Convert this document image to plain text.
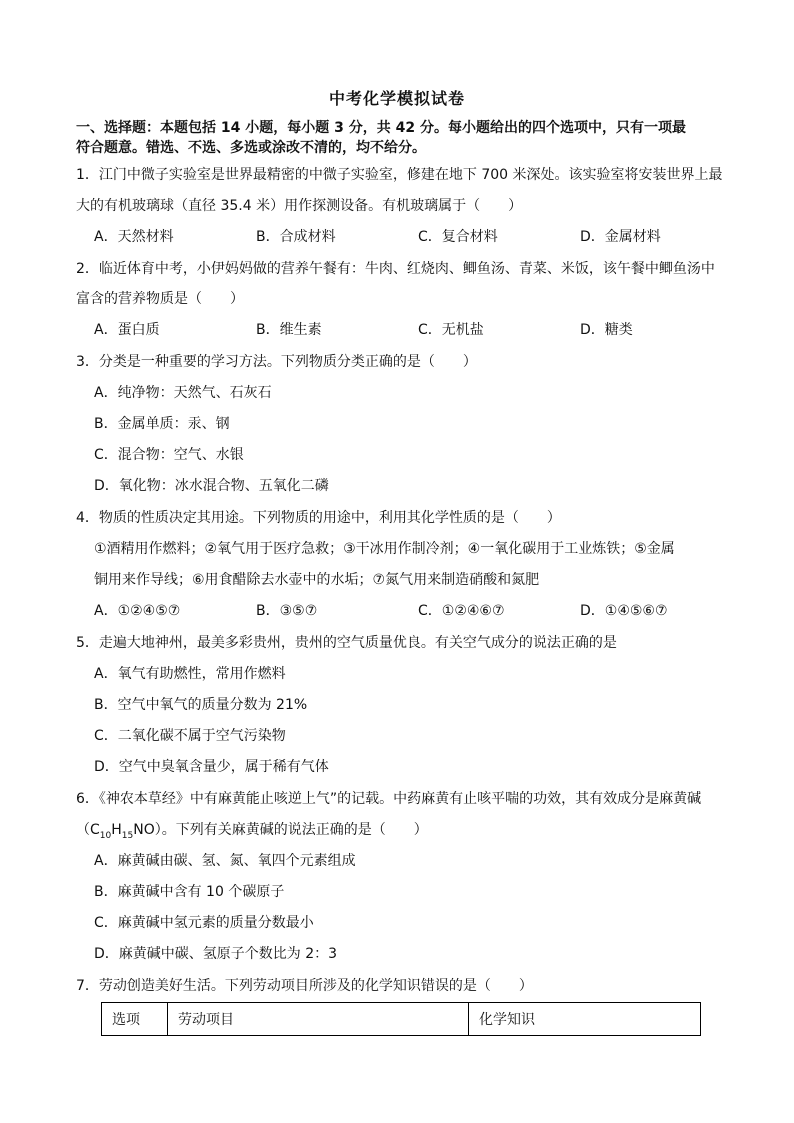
中考化学模拟试卷
一、选择题：本题包括 14 小题，每小题 3 分，共 42 分。每小题给出的四个选项中，只有一项最
符合题意。错选、不选、多选或涂改不清的，均不给分。
1．江门中微子实验室是世界最精密的中微子实验室，修建在地下 700 米深处。该实验室将安装世界上最
大的有机玻璃球（直径 35.4 米）用作探测设备。有机玻璃属于（　　）
A．天然材料	B．合成材料	C．复合材料	D．金属材料
2．临近体育中考，小伊妈妈做的营养午餐有：牛肉、红烧肉、鲫鱼汤、青菜、米饭，该午餐中鲫鱼汤中
富含的营养物质是（　　）
A．蛋白质	B．维生素	C．无机盐	D．糖类
3．分类是一种重要的学习方法。下列物质分类正确的是（　　）
A．纯净物：天然气、石灰石
B．金属单质：汞、钢
C．混合物：空气、水银
D．氧化物：冰水混合物、五氧化二磷
4．物质的性质决定其用途。下列物质的用途中，利用其化学性质的是（　　）
①酒精用作燃料；②氧气用于医疗急救；③干冰用作制冷剂；④一氧化碳用于工业炼铁；⑤金属
铜用来作导线；⑥用食醋除去水壶中的水垢；⑦氮气用来制造硝酸和氮肥
A．①②④⑤⑦	B．③⑤⑦	C．①②④⑥⑦	D．①④⑤⑥⑦
5．走遍大地神州，最美多彩贵州，贵州的空气质量优良。有关空气成分的说法正确的是
A．氧气有助燃性，常用作燃料
B．空气中氧气的质量分数为 21%
C．二氧化碳不属于空气污染物
D．空气中臭氧含量少，属于稀有气体
6．《神农本草经》中有麻黄能止咳逆上气”的记载。中药麻黄有止咳平喘的功效，其有效成分是麻黄碱
$(C_{10}H_{15}NO)$。下列有关麻黄碱的说法正确的是（　　）
A．麻黄碱由碳、氢、氮、氧四个元素组成
B．麻黄碱中含有 10 个碳原子
C．麻黄碱中氢元素的质量分数最小
D．麻黄碱中碳、氢原子个数比为 2：3
7．劳动创造美好生活。下列劳动项目所涉及的化学知识错误的是（　　）
选项	劳动项目	化学知识
